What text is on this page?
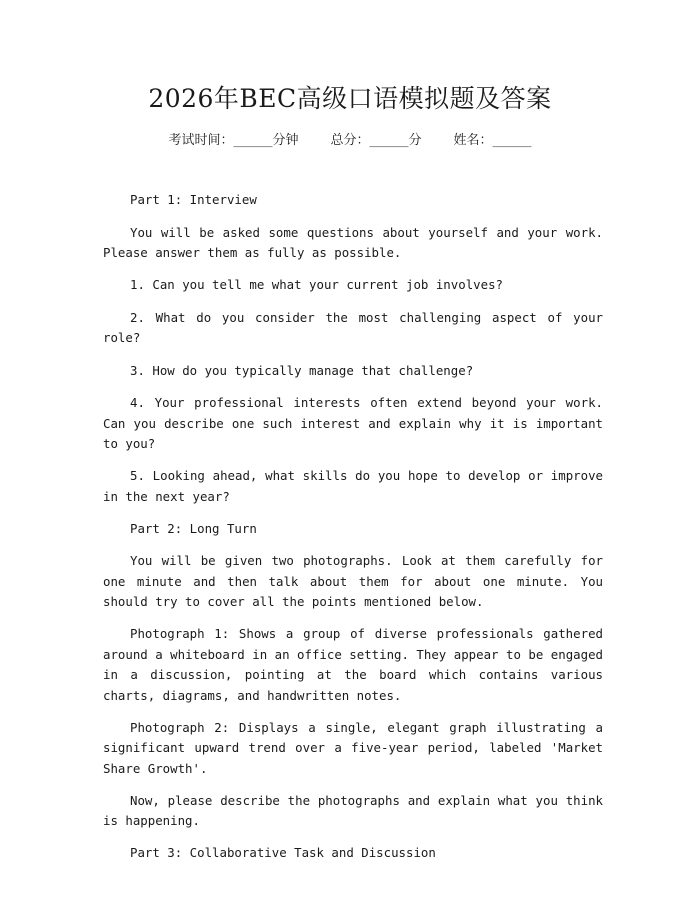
2026年BEC高级口语模拟题及答案
考试时间：______分钟 总分：______分 姓名：______

Part 1: Interview

You will be asked some questions about yourself and your work. Please answer them as fully as possible.

1. Can you tell me what your current job involves?

2. What do you consider the most challenging aspect of your role?

3. How do you typically manage that challenge?

4. Your professional interests often extend beyond your work. Can you describe one such interest and explain why it is important to you?

5. Looking ahead, what skills do you hope to develop or improve in the next year?

Part 2: Long Turn

You will be given two photographs. Look at them carefully for one minute and then talk about them for about one minute. You should try to cover all the points mentioned below.

Photograph 1: Shows a group of diverse professionals gathered around a whiteboard in an office setting. They appear to be engaged in a discussion, pointing at the board which contains various charts, diagrams, and handwritten notes.

Photograph 2: Displays a single, elegant graph illustrating a significant upward trend over a five-year period, labeled 'Market Share Growth'.

Now, please describe the photographs and explain what you think is happening.

Part 3: Collaborative Task and Discussion
